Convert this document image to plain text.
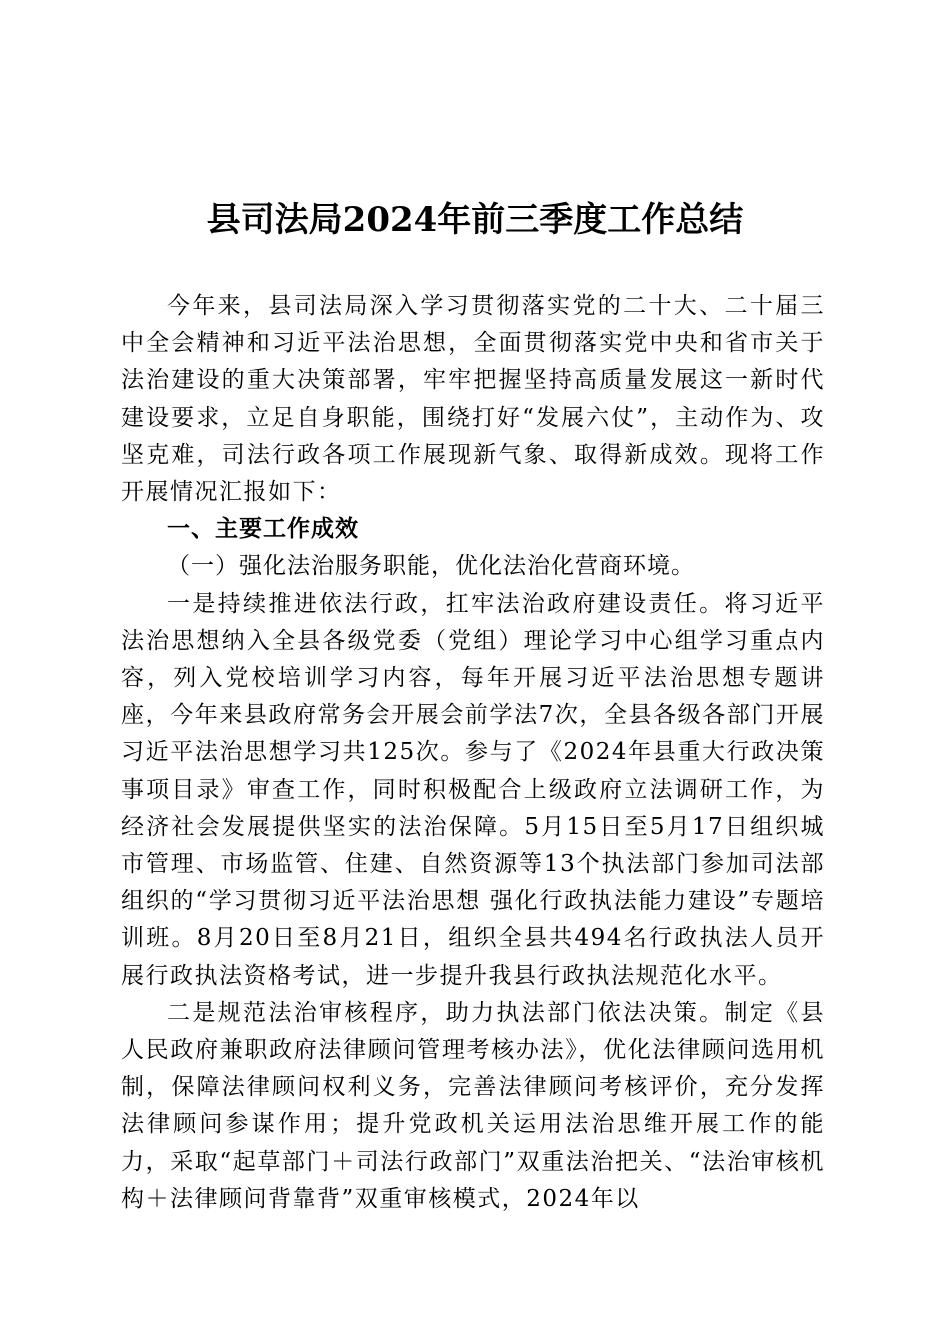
县司法局2024年前三季度工作总结

今年来，县司法局深入学习贯彻落实党的二十大、二十届三中全会精神和习近平法治思想，全面贯彻落实党中央和省市关于法治建设的重大决策部署，牢牢把握坚持高质量发展这一新时代建设要求，立足自身职能，围绕打好“发展六仗”，主动作为、攻坚克难，司法行政各项工作展现新气象、取得新成效。现将工作开展情况汇报如下：

一、主要工作成效

（一）强化法治服务职能，优化法治化营商环境。

一是持续推进依法行政，扛牢法治政府建设责任。将习近平法治思想纳入全县各级党委（党组）理论学习中心组学习重点内容，列入党校培训学习内容，每年开展习近平法治思想专题讲座，今年来县政府常务会开展会前学法7次，全县各级各部门开展习近平法治思想学习共125次。参与了《2024年县重大行政决策事项目录》审查工作，同时积极配合上级政府立法调研工作，为经济社会发展提供坚实的法治保障。5月15日至5月17日组织城市管理、市场监管、住建、自然资源等13个执法部门参加司法部组织的“学习贯彻习近平法治思想 强化行政执法能力建设”专题培训班。8月20日至8月21日，组织全县共494名行政执法人员开展行政执法资格考试，进一步提升我县行政执法规范化水平。

二是规范法治审核程序，助力执法部门依法决策。制定《县人民政府兼职政府法律顾问管理考核办法》，优化法律顾问选用机制，保障法律顾问权利义务，完善法律顾问考核评价，充分发挥法律顾问参谋作用；提升党政机关运用法治思维开展工作的能力，采取“起草部门＋司法行政部门”双重法治把关、“法治审核机构＋法律顾问背靠背”双重审核模式，2024年以
